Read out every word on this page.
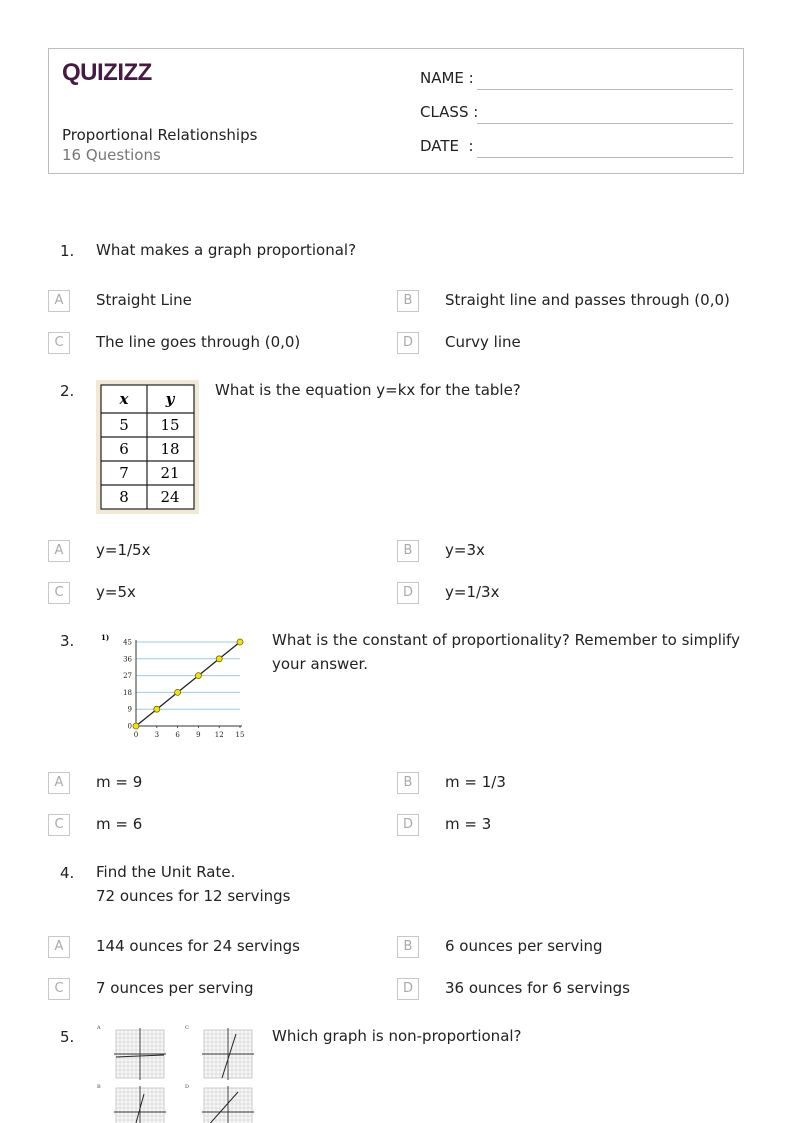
QUIZIZZ
Proportional Relationships
16 Questions
NAME :
CLASS :
DATE  :
1. What makes a graph proportional?
A	Straight Line	B	Straight line and passes through (0,0)
C	The line goes through (0,0)	D	Curvy line
2.	x y
5 15
6 18
7 21
8 24
What is the equation y=kx for the table?
A	y=1/5x	B	y=3x
C	y=5x	D	y=1/3x
3.	1)
0
9
18
27
36
45
0 3 6 9 12 15
What is the constant of proportionality? Remember to simplify
your answer.
A	m = 9	B	m = 1/3
C	m = 6	D	m = 3
4. Find the Unit Rate.
72 ounces for 12 servings
A	144 ounces for 24 servings	B	6 ounces per serving
C	7 ounces per serving	D	36 ounces for 6 servings
5.	A	C
B	D
Which graph is non-proportional?
